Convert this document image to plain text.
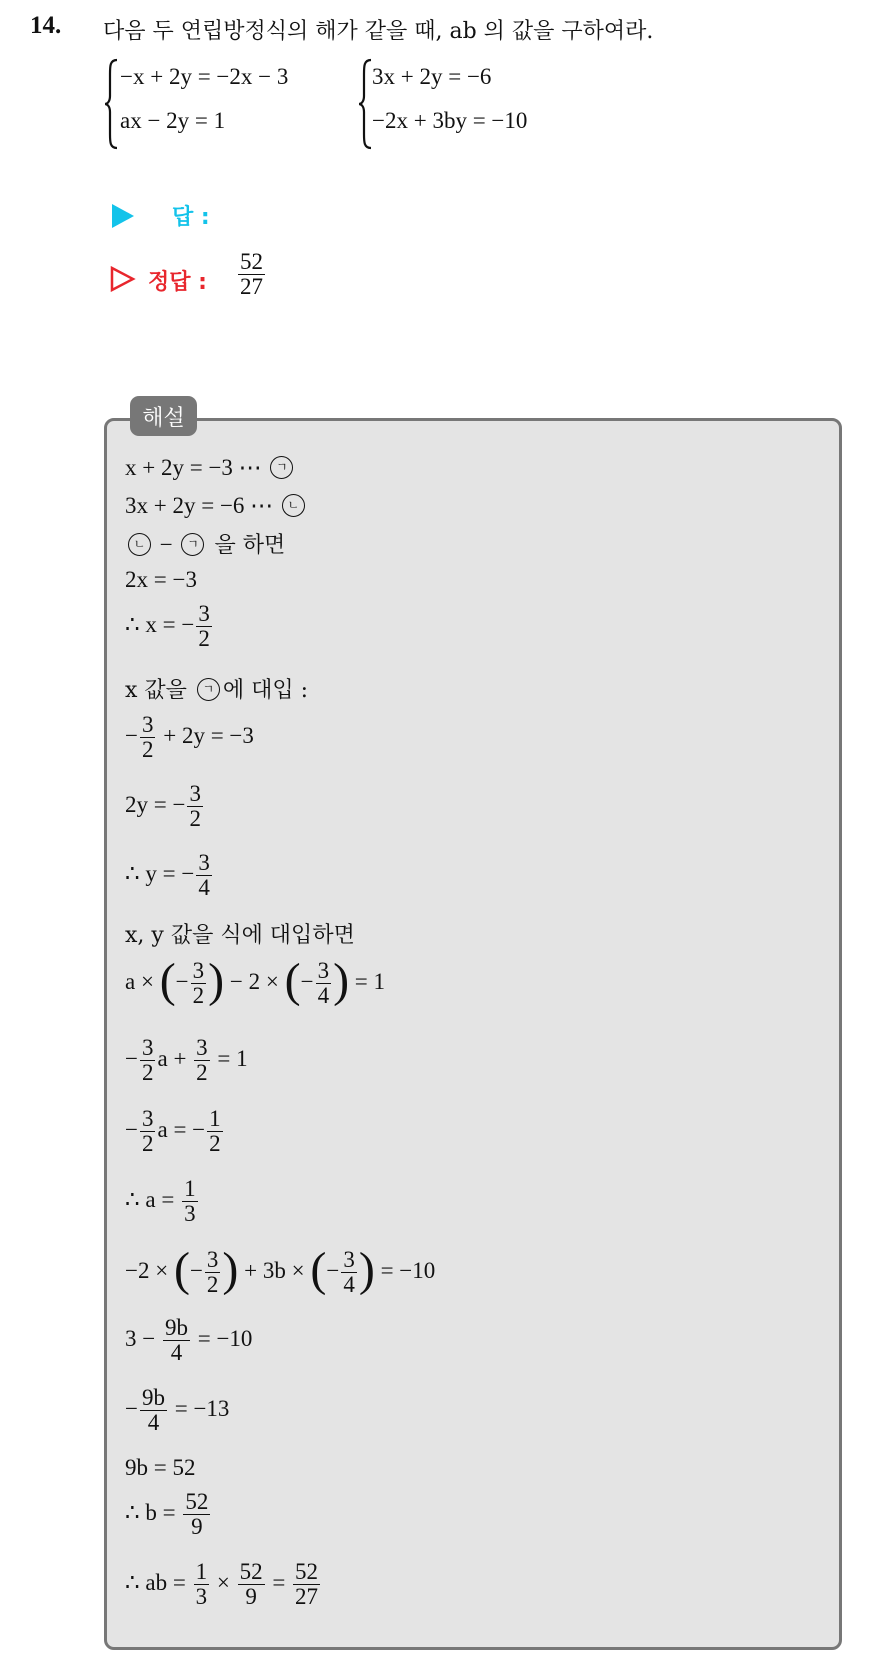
14. 다음 두 연립방정식의 해가 같을 때, ab 의 값을 구하여라.
−x + 2y = −2x − 3
ax − 2y = 1
3x + 2y = −6
−2x + 3by = −10
답 :
정답 : $\frac{52}{27}$
해설
x + 2y = −3 ⋯ ㄱ
3x + 2y = −6 ⋯ ㄴ
ㄴ − ㄱ 을 하면
2x = −3
∴ x = − $\frac{3}{2}$
x 값을 ㄱ 에 대입 :
− $\frac{3}{2} + 2y = -3$
2y = − $\frac{3}{2}$
∴ y = − $\frac{3}{4}$
x, y 값을 식에 대입하면
a × (− $\frac{3}{2}$ ) − 2 × (− $\frac{3}{4}$ ) = 1
− $\frac{3}{2}$ $a + \frac{3}{2} = 1$
− $\frac{3}{2}$ a = − $\frac{1}{2}$
∴ $a = \frac{1}{3}$
−2 × (− $\frac{3}{2}$ ) + 3b × (− $\frac{3}{4}$ ) = −10
$3 - \frac{9b}{4} = -10$
− $\frac{9b}{4} = -13$
9b = 52
∴ $b = \frac{52}{9}$
∴ ab = $\frac{1}{3} \times \frac{52}{9} = \frac{52}{27}$
